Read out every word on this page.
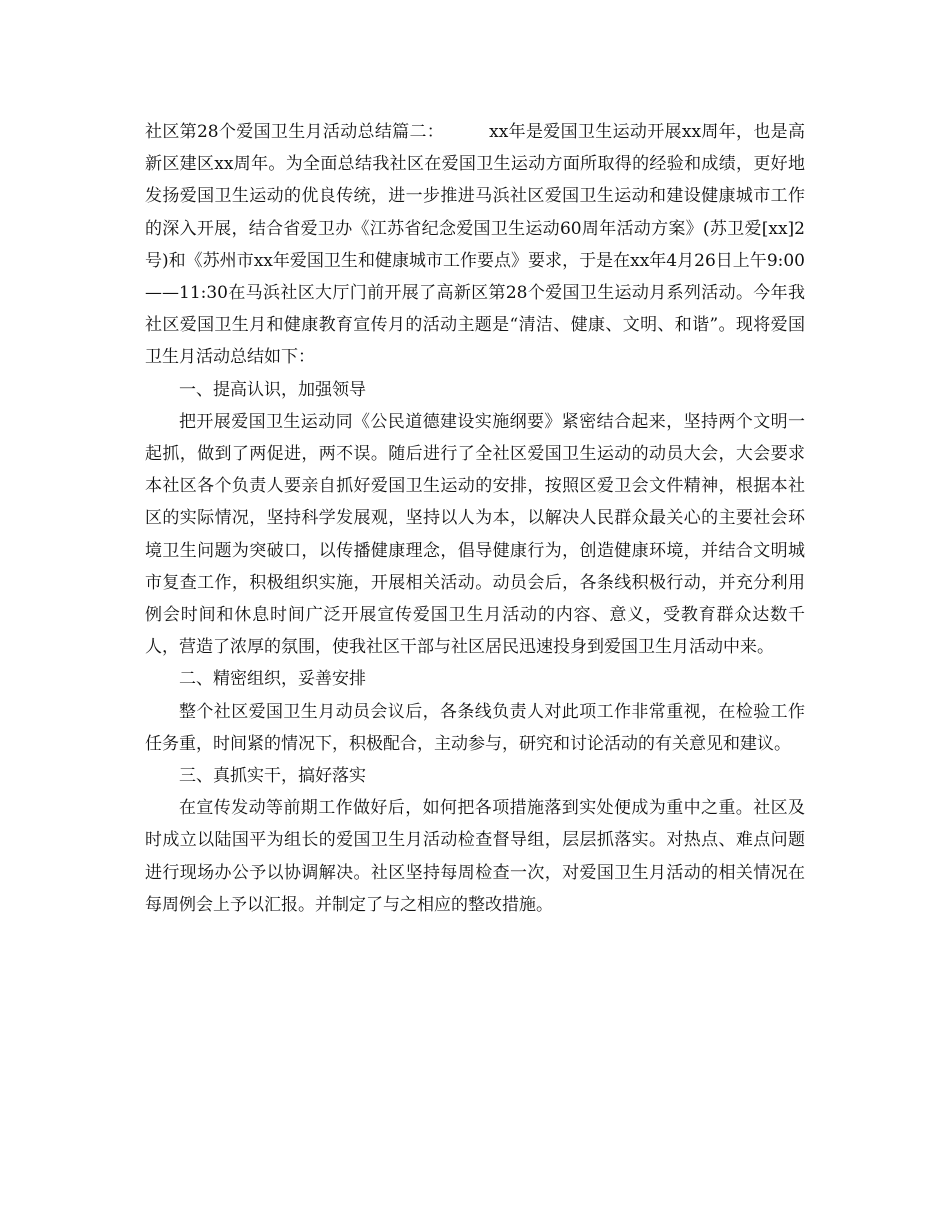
社区第28个爱国卫生月活动总结篇二：	xx年是爱国卫生运动开展xx周年，也是高新区建区xx周年。为全面总结我社区在爱国卫生运动方面所取得的经验和成绩，更好地发扬爱国卫生运动的优良传统，进一步推进马浜社区爱国卫生运动和建设健康城市工作的深入开展，结合省爱卫办《江苏省纪念爱国卫生运动60周年活动方案》(苏卫爱[xx]2号)和《苏州市xx年爱国卫生和健康城市工作要点》要求，于是在xx年4月26日上午9:00——11:30在马浜社区大厅门前开展了高新区第28个爱国卫生运动月系列活动。今年我社区爱国卫生月和健康教育宣传月的活动主题是“清洁、健康、文明、和谐”。现将爱国卫生月活动总结如下：

一、提高认识，加强领导

把开展爱国卫生运动同《公民道德建设实施纲要》紧密结合起来，坚持两个文明一起抓，做到了两促进，两不误。随后进行了全社区爱国卫生运动的动员大会，大会要求本社区各个负责人要亲自抓好爱国卫生运动的安排，按照区爱卫会文件精神，根据本社区的实际情况，坚持科学发展观，坚持以人为本，以解决人民群众最关心的主要社会环境卫生问题为突破口，以传播健康理念，倡导健康行为，创造健康环境，并结合文明城市复查工作，积极组织实施，开展相关活动。动员会后，各条线积极行动，并充分利用例会时间和休息时间广泛开展宣传爱国卫生月活动的内容、意义，受教育群众达数千人，营造了浓厚的氛围，使我社区干部与社区居民迅速投身到爱国卫生月活动中来。

二、精密组织，妥善安排

整个社区爱国卫生月动员会议后，各条线负责人对此项工作非常重视，在检验工作任务重，时间紧的情况下，积极配合，主动参与，研究和讨论活动的有关意见和建议。

三、真抓实干，搞好落实

在宣传发动等前期工作做好后，如何把各项措施落到实处便成为重中之重。社区及时成立以陆国平为组长的爱国卫生月活动检查督导组，层层抓落实。对热点、难点问题进行现场办公予以协调解决。社区坚持每周检查一次，对爱国卫生月活动的相关情况在每周例会上予以汇报。并制定了与之相应的整改措施。
